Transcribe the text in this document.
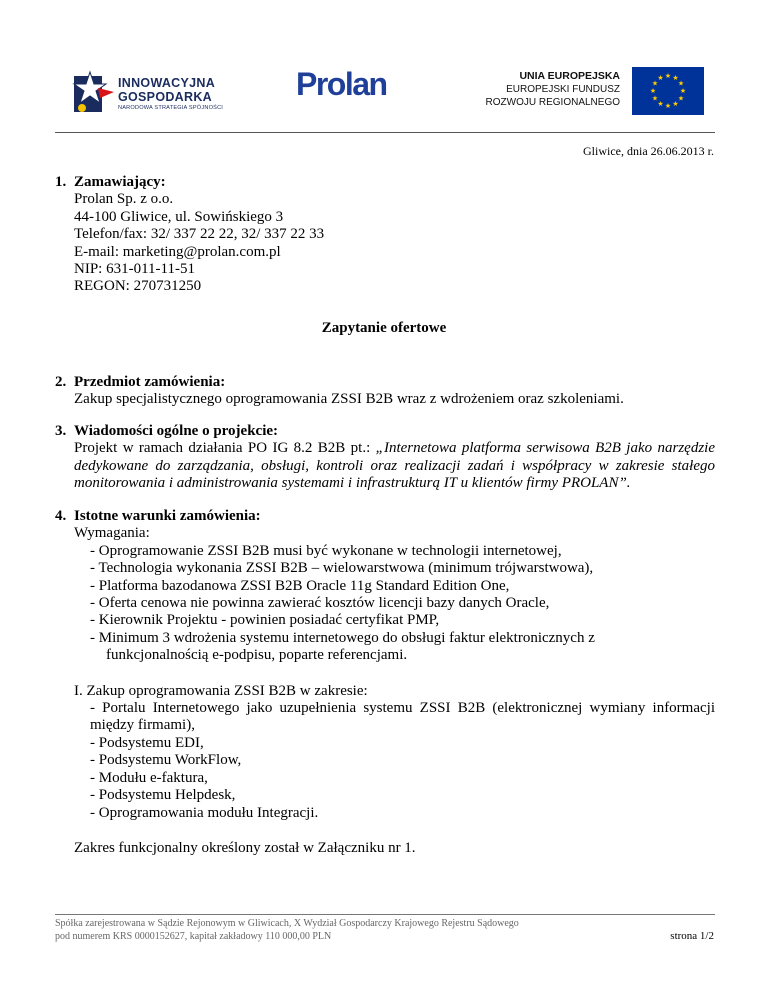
INNOWACYJNA
GOSPODARKA
NARODOWA STRATEGIA SPÓJNOŚCI
Prolan	UNIA EUROPEJSKA
EUROPEJSKI FUNDUSZ
ROZWOJU REGIONALNEGO
★ ★
★
★
★
★
★
★
★
★
★
★
Gliwice, dnia 26.06.2013 r.
1. Zamawiający:
Prolan Sp. z o.o.
44-100 Gliwice, ul. Sowińskiego 3
Telefon/fax: 32/ 337 22 22, 32/ 337 22 33
E-mail: marketing@prolan.com.pl
NIP: 631-011-11-51
REGON: 270731250
Zapytanie ofertowe
2. Przedmiot zamówienia:
Zakup specjalistycznego oprogramowania ZSSI B2B wraz z wdrożeniem oraz szkoleniami.
3. Wiadomości ogólne o projekcie:
Projekt w ramach działania PO IG 8.2 B2B pt.: „Internetowa platforma serwisowa B2B jako narzędzie dedykowane do zarządzania, obsługi, kontroli oraz realizacji zadań i współpracy w zakresie stałego monitorowania i administrowania systemami i infrastrukturą IT u klientów firmy PROLAN”.
4. Istotne warunki zamówienia:
Wymagania:
- Oprogramowanie ZSSI B2B musi być wykonane w technologii internetowej,
- Technologia wykonania ZSSI B2B – wielowarstwowa (minimum trójwarstwowa),
- Platforma bazodanowa ZSSI B2B Oracle 11g Standard Edition One,
- Oferta cenowa nie powinna zawierać kosztów licencji bazy danych Oracle,
- Kierownik Projektu - powinien posiadać certyfikat PMP,
- Minimum 3 wdrożenia systemu internetowego do obsługi faktur elektronicznych z
funkcjonalnością e-podpisu, poparte referencjami.
I. Zakup oprogramowania ZSSI B2B w zakresie:
- Portalu Internetowego jako uzupełnienia systemu ZSSI B2B (elektronicznej wymiany informacji między firmami),
- Podsystemu EDI,
- Podsystemu WorkFlow,
- Modułu e-faktura,
- Podsystemu Helpdesk,
- Oprogramowania modułu Integracji.
Zakres funkcjonalny określony został w Załączniku nr 1.
Spółka zarejestrowana w Sądzie Rejonowym w Gliwicach, X Wydział Gospodarczy Krajowego Rejestru Sądowego
pod numerem KRS 0000152627, kapitał zakładowy 110 000,00 PLN	strona 1/2
